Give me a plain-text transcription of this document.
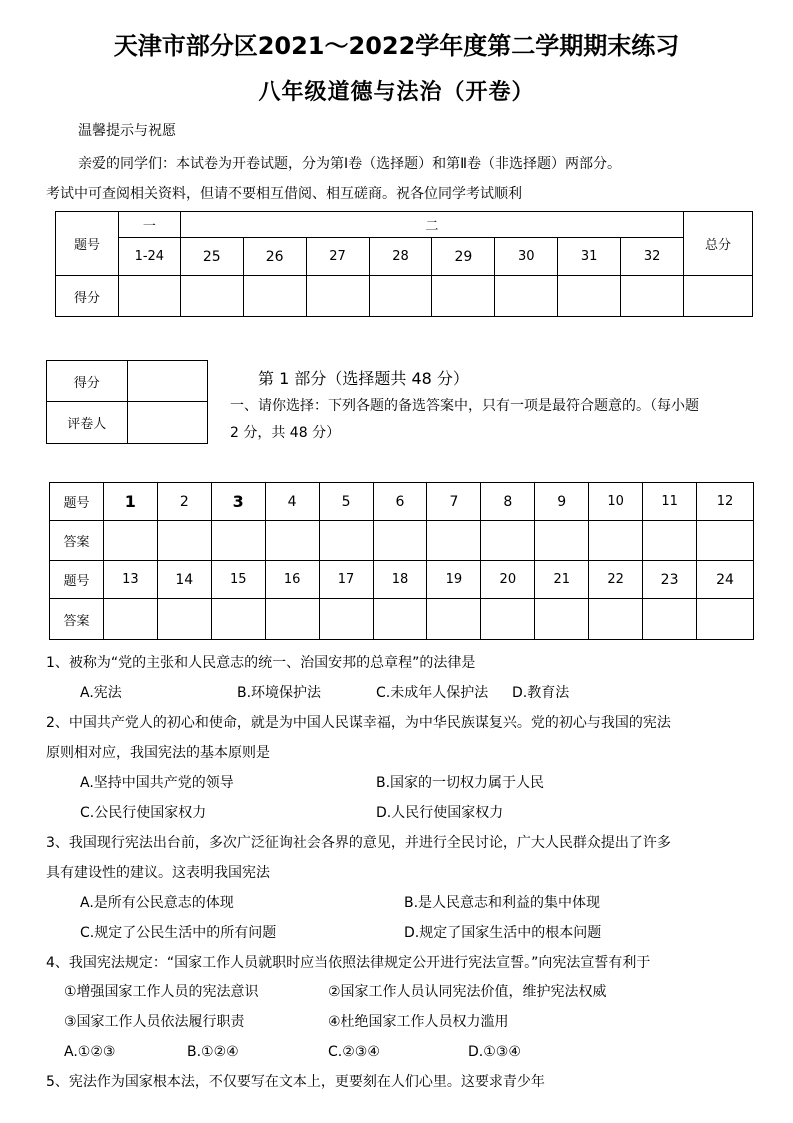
天津市部分区2021～2022学年度第二学期期末练习
八年级道德与法治（开卷）
温馨提示与祝愿
亲爱的同学们：本试卷为开卷试题，分为第Ⅰ卷（选择题）和第Ⅱ卷（非选择题）两部分。
考试中可查阅相关资料，但请不要相互借阅、相互磋商。祝各位同学考试顺利
题号	一	二								总分
	1-24	25	26	27	28	29	30	31	32	
得分										
得分	
评卷人	
第 1 部分（选择题共 48 分）
一、请你选择：下列各题的备选答案中，只有一项是最符合题意的。（每小题
2 分，共 48 分）
题号	1	2	3	4	5	6	7	8	9	10	11	12
答案												
题号	13	14	15	16	17	18	19	20	21	22	23	24
答案												
1、被称为“党的主张和人民意志的统一、治国安邦的总章程”的法律是
A.宪法	B.环境保护法	C.未成年人保护法 D.教育法
2、中国共产党人的初心和使命，就是为中国人民谋幸福，为中华民族谋复兴。党的初心与我国的宪法
原则相对应，我国宪法的基本原则是
A.坚持中国共产党的领导	B.国家的一切权力属于人民
C.公民行使国家权力	D.人民行使国家权力
3、我国现行宪法出台前，多次广泛征询社会各界的意见，并进行全民讨论，广大人民群众提出了许多
具有建设性的建议。这表明我国宪法
A.是所有公民意志的体现	B.是人民意志和利益的集中体现
C.规定了公民生活中的所有问题	D.规定了国家生活中的根本问题
4、我国宪法规定：“国家工作人员就职时应当依照法律规定公开进行宪法宣誓。”向宪法宣誓有利于
①增强国家工作人员的宪法意识	②国家工作人员认同宪法价值，维护宪法权威
③国家工作人员依法履行职责	④杜绝国家工作人员权力滥用
A.①②③	B.①②④	C.②③④	D.①③④
5、宪法作为国家根本法，不仅要写在文本上，更要刻在人们心里。这要求青少年
